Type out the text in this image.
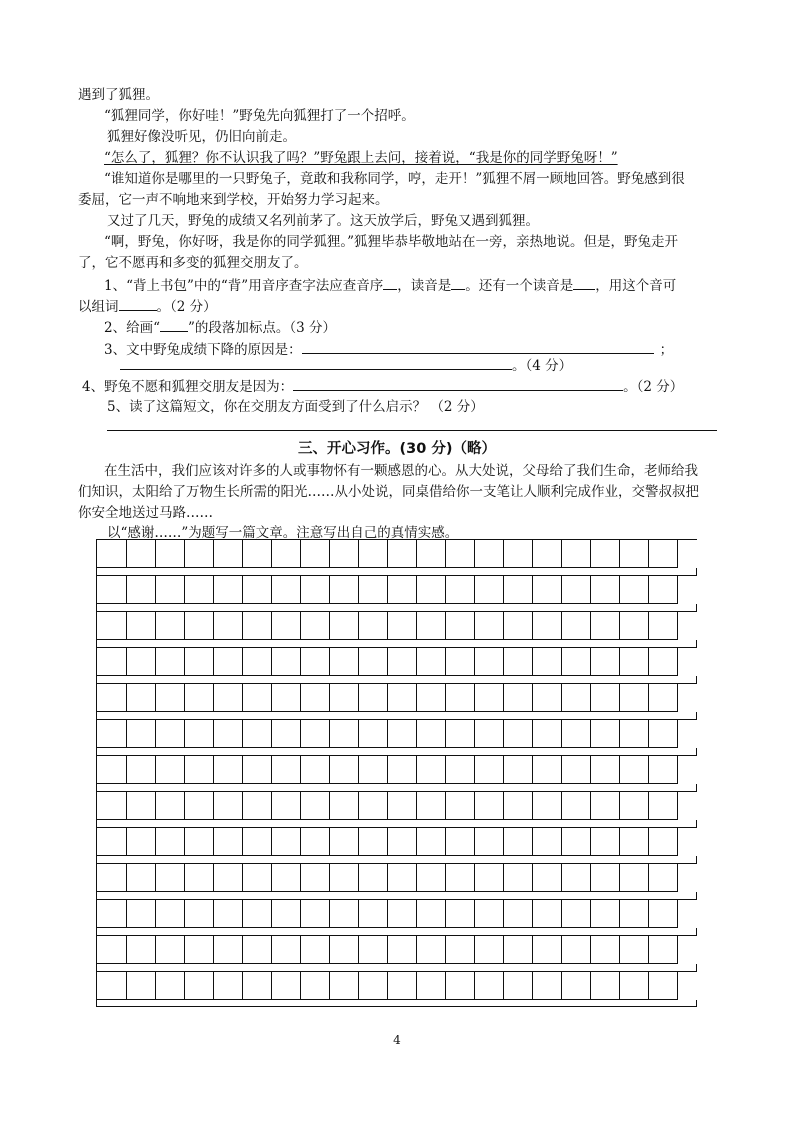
遇到了狐狸。
“狐狸同学，你好哇！”野兔先向狐狸打了一个招呼。
狐狸好像没听见，仍旧向前走。
“怎么了，狐狸？你不认识我了吗？”野兔跟上去问，接着说，“我是你的同学野兔呀！”
“谁知道你是哪里的一只野兔子，竟敢和我称同学，哼，走开！”狐狸不屑一顾地回答。野兔感到很
委屈，它一声不响地来到学校，开始努力学习起来。
又过了几天，野兔的成绩又名列前茅了。这天放学后，野兔又遇到狐狸。
“啊，野兔，你好呀，我是你的同学狐狸。”狐狸毕恭毕敬地站在一旁，亲热地说。但是，野兔走开
了，它不愿再和多变的狐狸交朋友了。
1、“背上书包”中的“背”用音序查字法应查音序 ，读音是 。还有一个读音是 ，用这个音可
以组词	。（2 分）
2、给画“ ”的段落加标点。（3 分）
3、文中野兔成绩下降的原因是：	；
。（4 分）
4、野兔不愿和狐狸交朋友是因为：	。（2 分）
5、读了这篇短文，你在交朋友方面受到了什么启示？ （2 分）
三、开心习作。(30 分)（略）
在生活中，我们应该对许多的人或事物怀有一颗感恩的心。从大处说，父母给了我们生命，老师给我
们知识，太阳给了万物生长所需的阳光……从小处说，同桌借给你一支笔让人顺利完成作业，交警叔叔把
你安全地送过马路……
以“感谢……”为题写一篇文章。注意写出自己的真情实感。
4
